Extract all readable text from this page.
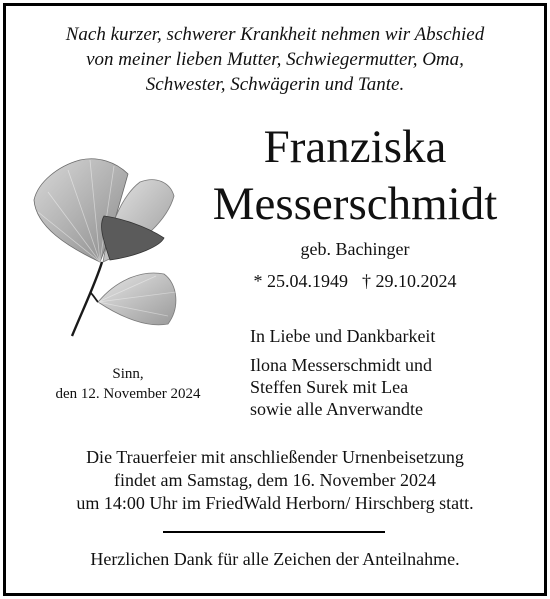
Nach kurzer, schwerer Krankheit nehmen wir Abschied
von meiner lieben Mutter, Schwiegermutter, Oma,
Schwester, Schwägerin und Tante.
Franziska
Messerschmidt
geb. Bachinger
* 25.04.1949 † 29.10.2024
Sinn,
den 12. November 2024
In Liebe und Dankbarkeit
Ilona Messerschmidt und
Steffen Surek mit Lea
sowie alle Anverwandte
Die Trauerfeier mit anschließender Urnenbeisetzung
findet am Samstag, dem 16. November 2024
um 14:00 Uhr im FriedWald Herborn/ Hirschberg statt.
Herzlichen Dank für alle Zeichen der Anteilnahme.
